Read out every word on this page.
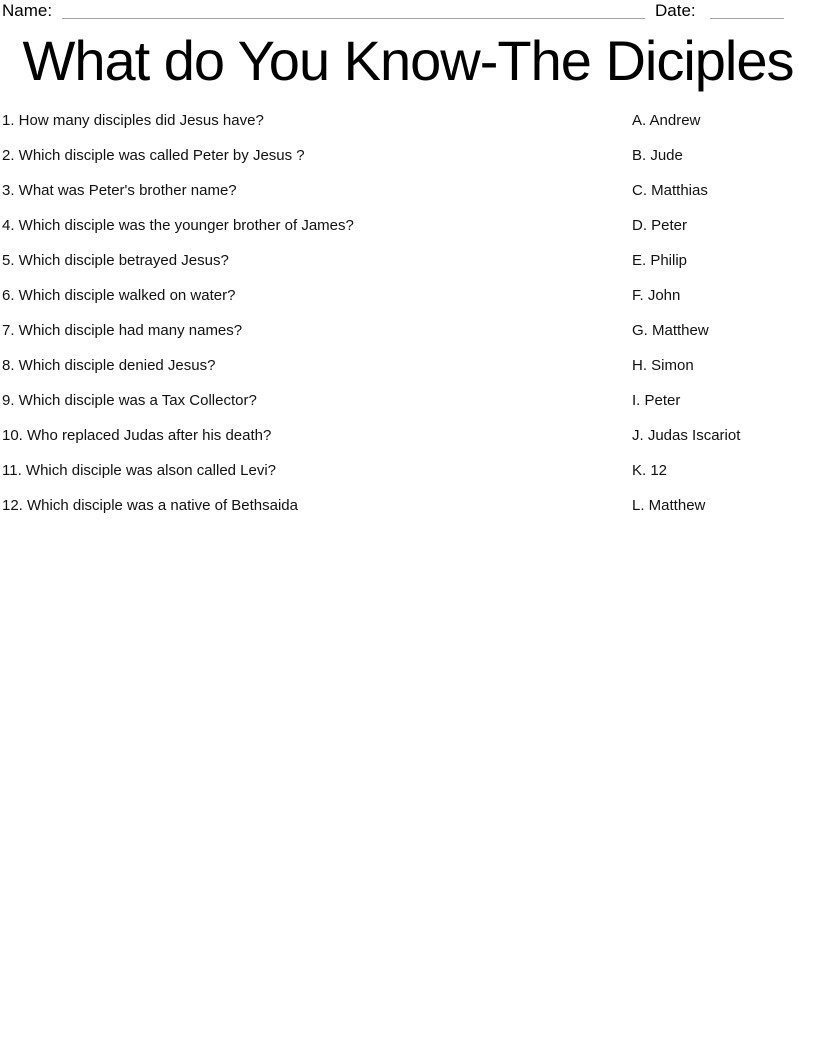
Name:	Date:
What do You Know-The Diciples
1. How many disciples did Jesus have?
2. Which disciple was called Peter by Jesus ?
3. What was Peter's brother name?
4. Which disciple was the younger brother of James?
5. Which disciple betrayed Jesus?
6. Which disciple walked on water?
7. Which disciple had many names?
8. Which disciple denied Jesus?
9. Which disciple was a Tax Collector?
10. Who replaced Judas after his death?
11. Which disciple was alson called Levi?
12. Which disciple was a native of Bethsaida
A. Andrew
B. Jude
C. Matthias
D. Peter
E. Philip
F. John
G. Matthew
H. Simon
I. Peter
J. Judas Iscariot
K. 12
L. Matthew
